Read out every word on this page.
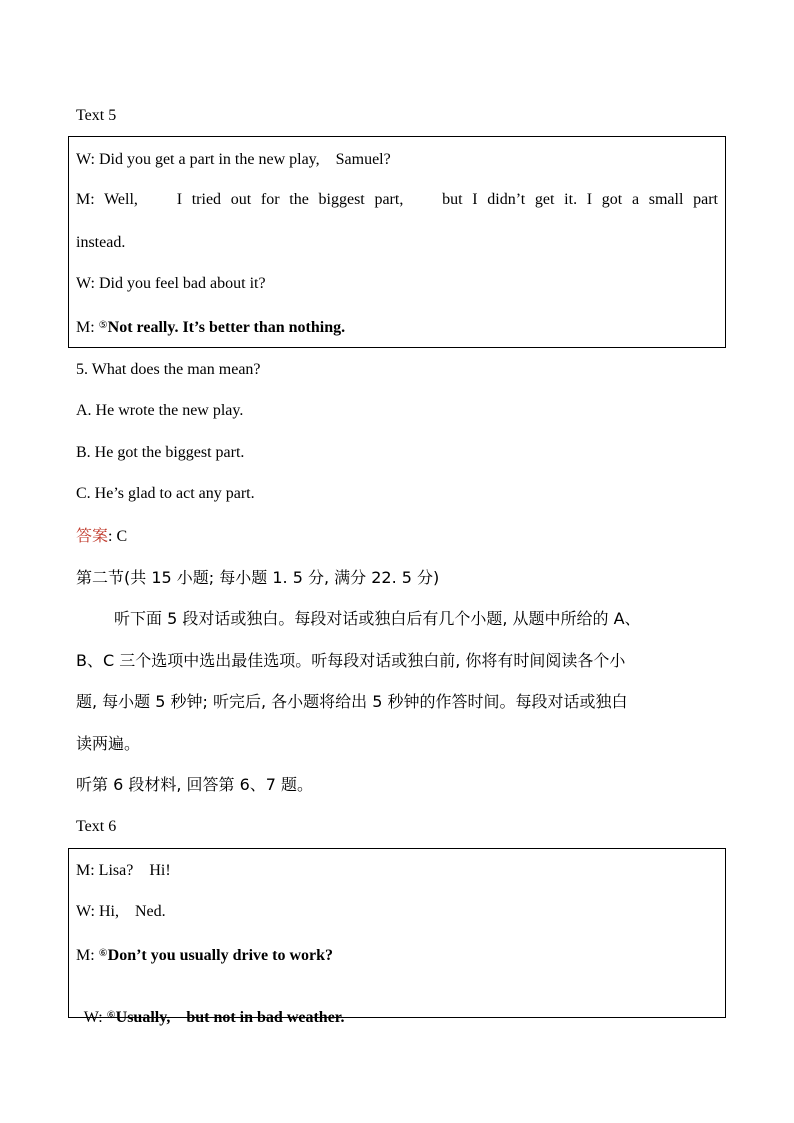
Text 5
W: Did you get a part in the new play,    Samuel?
M: Well,    I tried out for the biggest part,    but I didn’t get it. I got a small part
instead.
W: Did you feel bad about it?
M: ⑤Not really. It’s better than nothing.
5. What does the man mean?
A. He wrote the new play.
B. He got the biggest part.
C. He’s glad to act any part.
答案: C
第二节(共 15 小题; 每小题 1. 5 分, 满分 22. 5 分)
听下面 5 段对话或独白。每段对话或独白后有几个小题, 从题中所给的 A、
B、C 三个选项中选出最佳选项。听每段对话或独白前, 你将有时间阅读各个小
题, 每小题 5 秒钟; 听完后, 各小题将给出 5 秒钟的作答时间。每段对话或独白
读两遍。
听第 6 段材料, 回答第 6、7 题。
Text 6
M: Lisa?    Hi!
W: Hi,    Ned.
M: ⑥Don’t you usually drive to work?

W: ⑥Usually,    but not in bad weather.
